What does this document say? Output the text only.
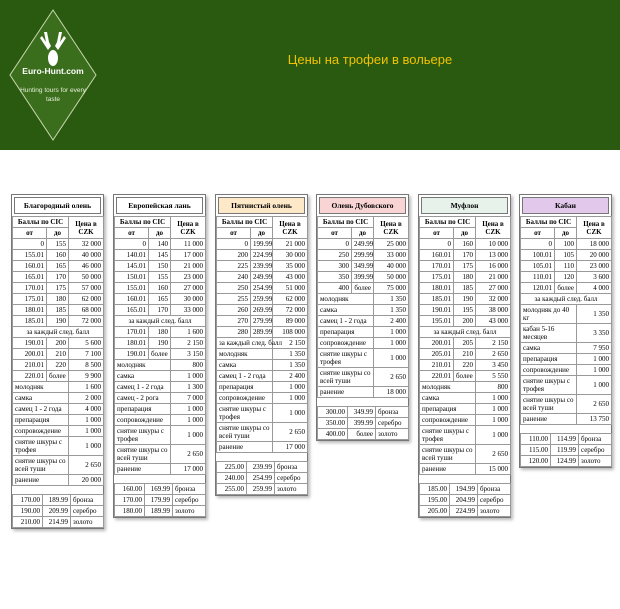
Euro-Hunt.com
Hunting tours for every taste
Цены на трофеи в вольере
Благородный олень
Баллы по CIC		Цена в CZK
от	до	
0	155	32 000
155.01	160	40 000
160.01	165	46 000
165.01	170	50 000
170.01	175	57 000
175.01	180	62 000
180.01	185	68 000
185.01	190	72 000
за каждый след. балл		
190.01	200	5 600
200.01	210	7 100
210.01	220	8 500
220.01	более	9 900
молодняк		1 600
самка		2 000
самец 1 - 2 года		4 000
препарация		1 000
сопровождение		1 000
снятие шкуры с трофея		1 000
снятие шкуры со всей туши		2 650
ранение		20 000
170.00	189.99	бронза
190.00	209.99	серебро
210.00	214.99	золото
Европейская лань
Баллы по CIC		Цена в CZK
от	до	
0	140	11 000
140.01	145	17 000
145.01	150	21 000
150.01	155	23 000
155.01	160	27 000
160.01	165	30 000
165.01	170	33 000
за каждый след. балл		
170.01	180	1 600
180.01	190	2 150
190.01	более	3 150
молодняк		800
самка		1 000
самец 1 - 2 года		1 300
самец - 2 рога		7 000
препарация		1 000
сопровождение		1 000
снятие шкуры с трофея		1 000
снятие шкуры со всей туши		2 650
ранение		17 000
160.00	169.99	бронза
170.00	179.99	серебро
180.00	189.99	золото
Пятнистый олень
Баллы по CIC		Цена в CZK
от	до	
0	199.99	21 000
200	224.99	30 000
225	239.99	35 000
240	249.99	43 000
250	254.99	51 000
255	259.99	62 000
260	269.99	72 000
270	279.99	89 000
280	289.99	108 000
за каждый след. балл		2 150
молодняк		1 350
самка		1 350
самец 1 - 2 года		2 400
препарация		1 000
сопровождение		1 000
снятие шкуры с трофея		1 000
снятие шкуры со всей туши		2 650
ранение		17 000
225.00	239.99	бронза
240.00	254.99	серебро
255.00	259.99	золото
Олень Дубовского
Баллы по CIC		Цена в CZK
от	до	
0	249.99	25 000
250	299.99	33 000
300	349.99	40 000
350	399.99	50 000
400	более	75 000
молодняк		1 350
самка		1 350
самец 1 - 2 года		2 400
препарация		1 000
сопровождение		1 000
снятие шкуры с трофея		1 000
снятие шкуры со всей туши		2 650
ранение		18 000
300.00	349.99	бронза
350.00	399.99	серебро
400.00	более	золото
Муфлон
Баллы по CIC		Цена в CZK
от	до	
0	160	10 000
160.01	170	13 000
170.01	175	16 000
175.01	180	21 000
180.01	185	27 000
185.01	190	32 000
190.01	195	38 000
195.01	200	43 000
за каждый след. балл		
200.01	205	2 150
205.01	210	2 650
210.01	220	3 450
220.01	более	5 550
молодняк		800
самка		1 000
препарация		1 000
сопровождение		1 000
снятие шкуры с трофея		1 000
снятие шкуры со всей туши		2 650
ранение		15 000
185.00	194.99	бронза
195.00	204.99	серебро
205.00	224.99	золото
Кабан
Баллы по CIC		Цена в CZK
от	до	
0	100	18 000
100.01	105	20 000
105.01	110	23 000
110.01	120	3 600
120.01	более	4 000
за каждый след. балл		
молодняк до 40 кг		1 350
кабан 5-16 месяцев		3 350
самка		7 950
препарация		1 000
сопровождение		1 000
снятие шкуры с трофея		1 000
снятие шкуры со всей туши		2 650
ранение		13 750
110.00	114.99	бронза
115.00	119.99	серебро
120.00	124.99	золото
